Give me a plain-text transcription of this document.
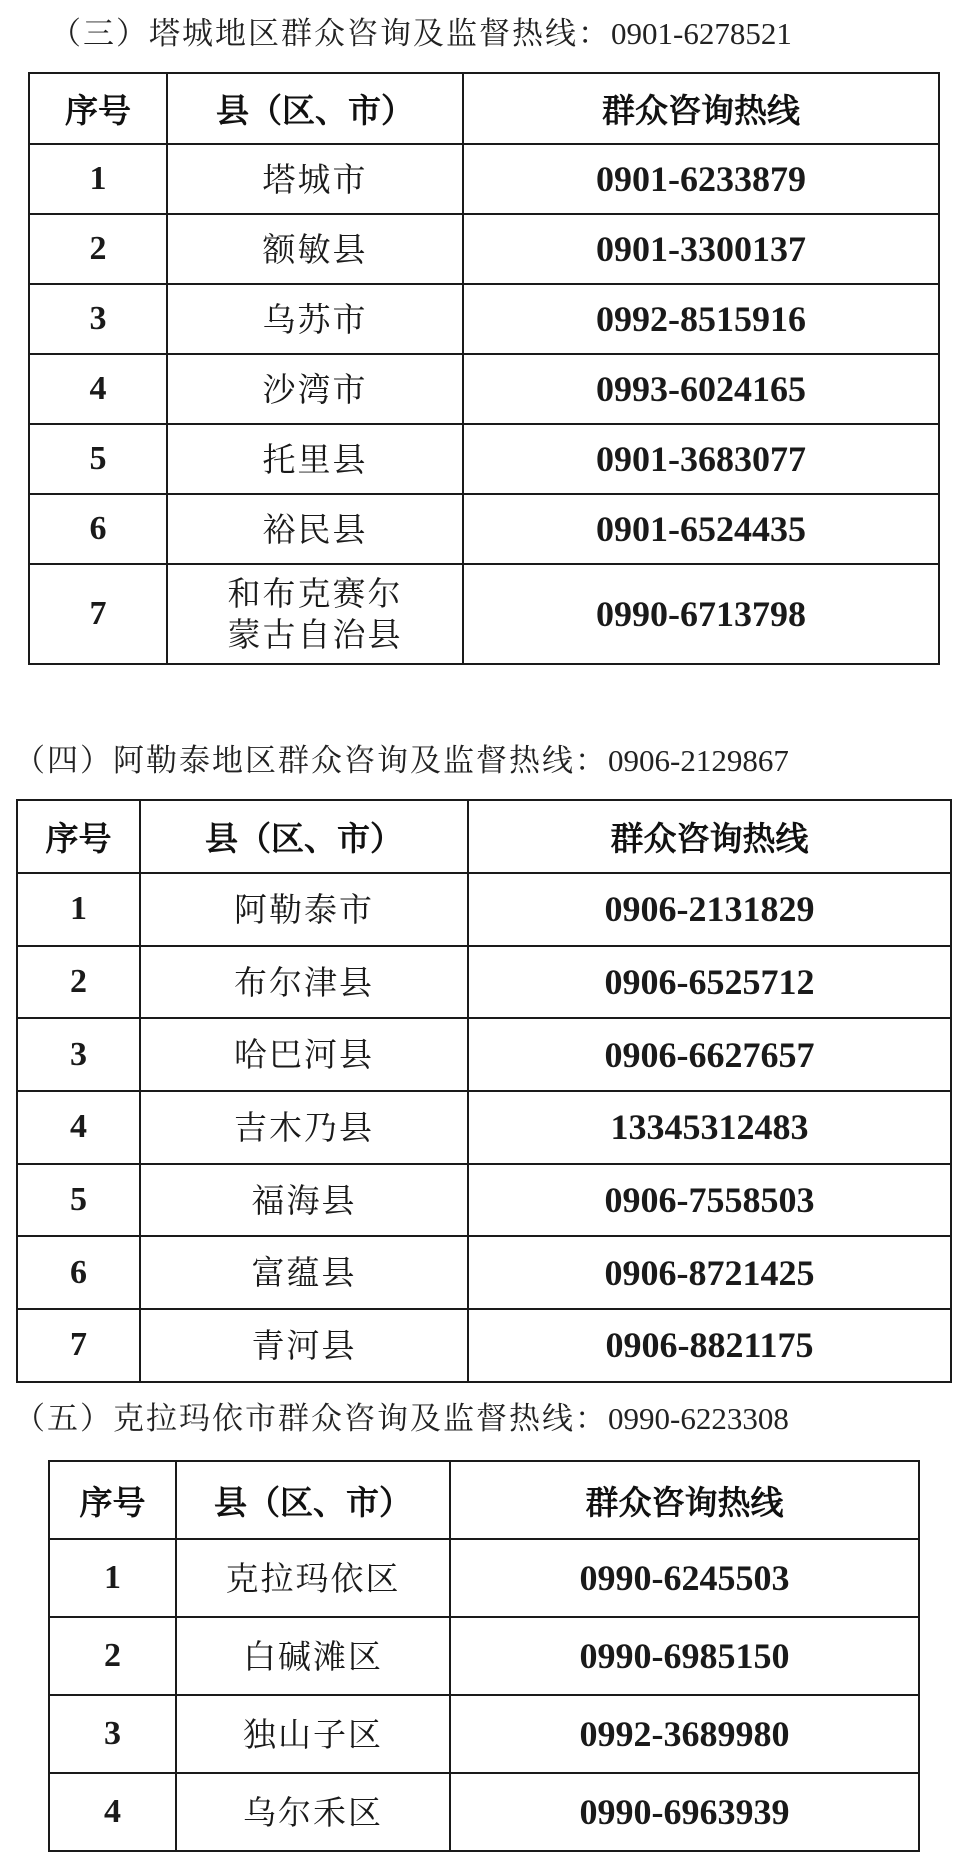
（三）塔城地区群众咨询及监督热线：0901-6278521
序号	县（区、市）	群众咨询热线
1	塔城市	0901-6233879
2	额敏县	0901-3300137
3	乌苏市	0992-8515916
4	沙湾市	0993-6024165
5	托里县	0901-3683077
6	裕民县	0901-6524435
7	和布克赛尔
蒙古自治县	0990-6713798
（四）阿勒泰地区群众咨询及监督热线：0906-2129867
序号	县（区、市）	群众咨询热线
1	阿勒泰市	0906-2131829
2	布尔津县	0906-6525712
3	哈巴河县	0906-6627657
4	吉木乃县	13345312483
5	福海县	0906-7558503
6	富蕴县	0906-8721425
7	青河县	0906-8821175
（五）克拉玛依市群众咨询及监督热线：0990-6223308
序号	县（区、市）	群众咨询热线
1	克拉玛依区	0990-6245503
2	白碱滩区	0990-6985150
3	独山子区	0992-3689980
4	乌尔禾区	0990-6963939
